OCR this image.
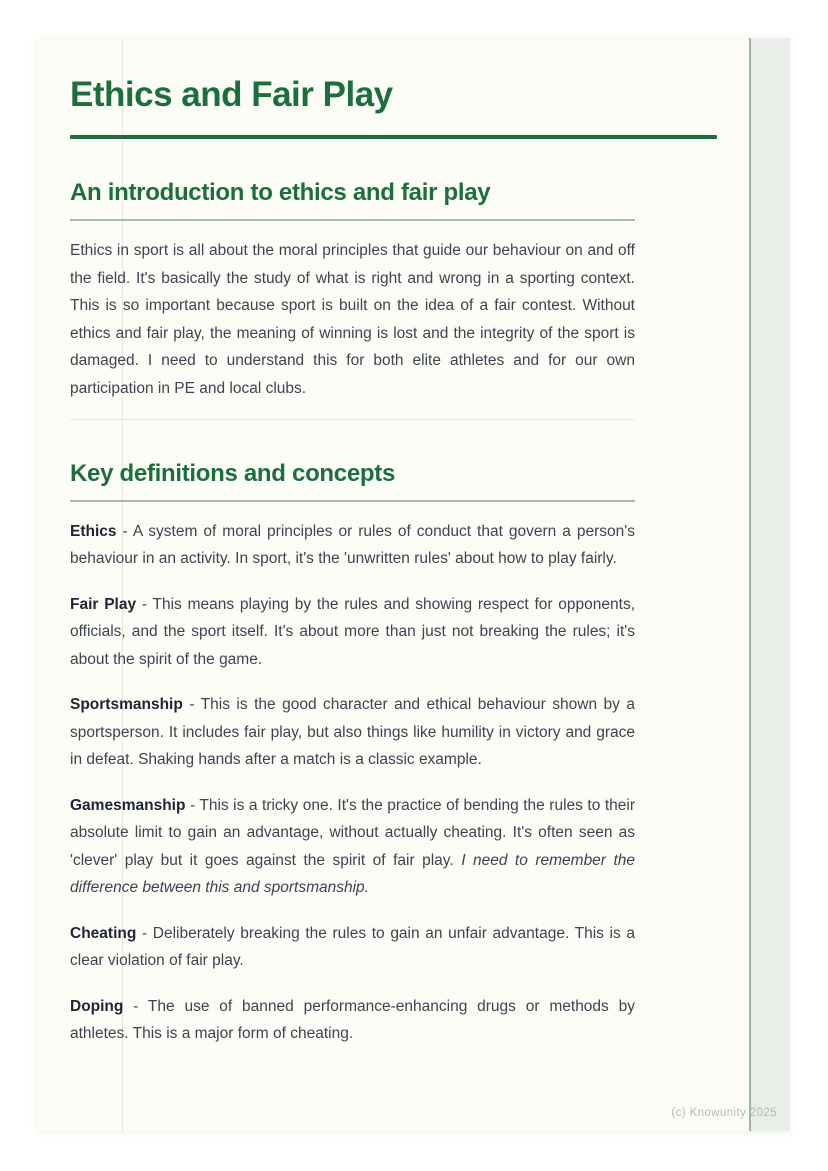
Ethics and Fair Play
An introduction to ethics and fair play

Ethics in sport is all about the moral principles that guide our behaviour on and off the field. It's basically the study of what is right and wrong in a sporting context. This is so important because sport is built on the idea of a fair contest. Without ethics and fair play, the meaning of winning is lost and the integrity of the sport is damaged. I need to understand this for both elite athletes and for our own participation in PE and local clubs.

Key definitions and concepts

Ethics - A system of moral principles or rules of conduct that govern a person's behaviour in an activity. In sport, it's the 'unwritten rules' about how to play fairly.

Fair Play - This means playing by the rules and showing respect for opponents, officials, and the sport itself. It's about more than just not breaking the rules; it's about the spirit of the game.

Sportsmanship - This is the good character and ethical behaviour shown by a sportsperson. It includes fair play, but also things like humility in victory and grace in defeat. Shaking hands after a match is a classic example.

Gamesmanship - This is a tricky one. It's the practice of bending the rules to their absolute limit to gain an advantage, without actually cheating. It's often seen as 'clever' play but it goes against the spirit of fair play. I need to remember the difference between this and sportsmanship.

Cheating - Deliberately breaking the rules to gain an unfair advantage. This is a clear violation of fair play.

Doping - The use of banned performance-enhancing drugs or methods by athletes. This is a major form of cheating.

(c) Knowunity 2025
